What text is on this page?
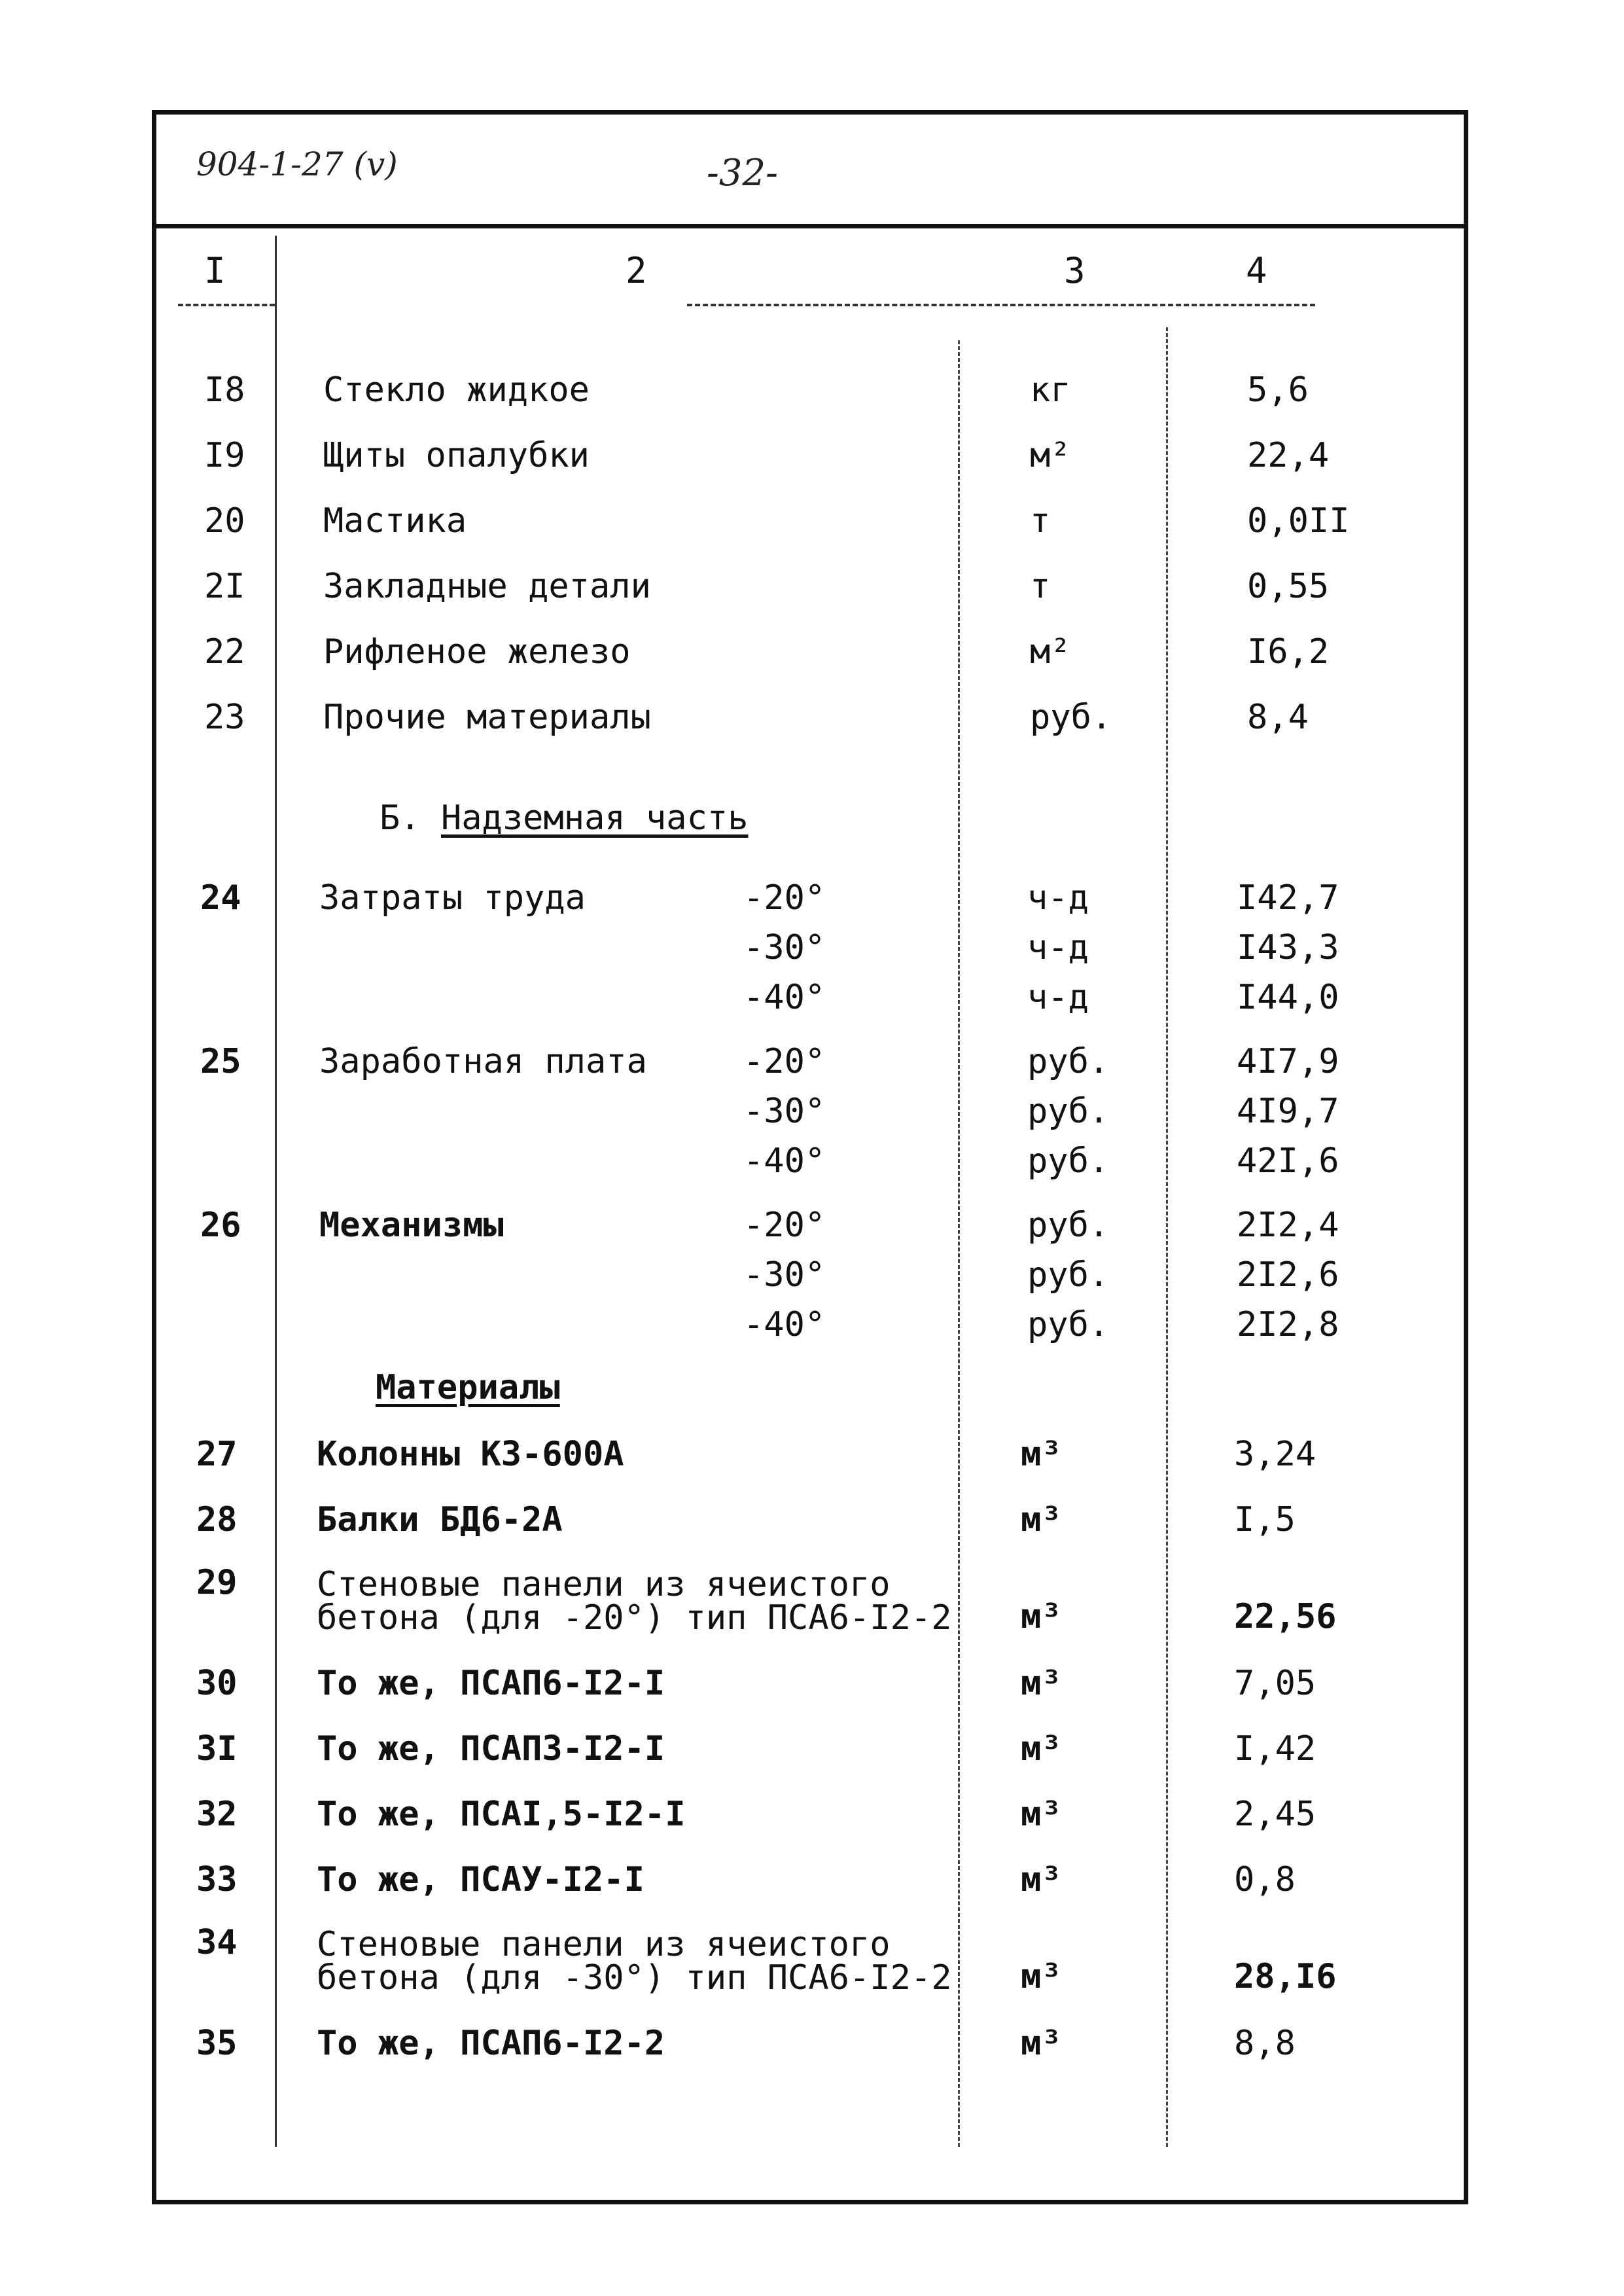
904-1-27 (v)	-32-
I	2	3	4
I8 Стекло жидкое	кг	5,6
I9 Щиты опалубки	м²	22,4
20 Мастика	т	0,0II
2I Закладные детали	т	0,55
22 Рифленое железо	м²	I6,2
23 Прочие материалы	руб.	8,4
Б. Надземная часть
24 Затраты труда	-20°	ч-д	I42,7
-30°	ч-д	I43,3
-40°	ч-д	I44,0
25 Заработная плата	-20°	руб.	4I7,9
-30°	руб.	4I9,7
-40°	руб.	42I,6
26 Механизмы	-20°	руб.	2I2,4
-30°	руб.	2I2,6
-40°	руб.	2I2,8
Материалы
27 Колонны КЗ-600А	м³	3,24
28 Балки БД6-2А	м³	I,5
29 Стеновые панели из ячеистого
бетона (для -20°) тип ПСА6-I2-2 м³	22,56
30 То же, ПСАП6-I2-I	м³	7,05
3I То же, ПСАП3-I2-I	м³	I,42
32 То же, ПСАI,5-I2-I	м³	2,45
33 То же, ПСАУ-I2-I	м³	0,8
34 Стеновые панели из ячеистого
бетона (для -30°) тип ПСА6-I2-2 м³	28,I6
35 То же, ПСАП6-I2-2	м³	8,8
